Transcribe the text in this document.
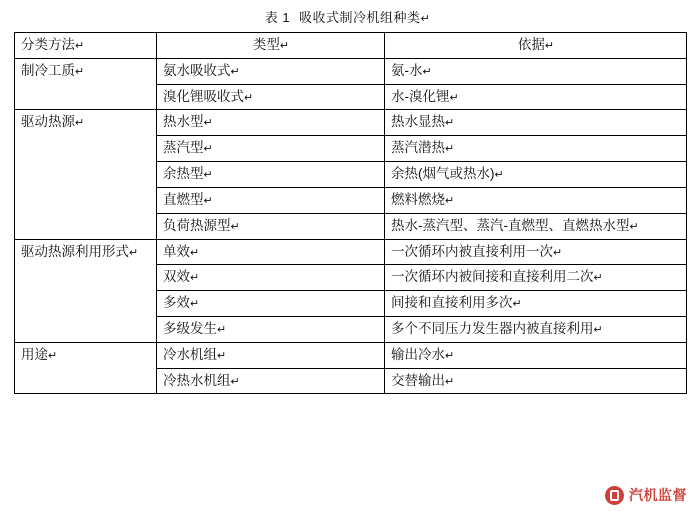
表 1 吸收式制冷机组种类↵
分类方法↵	类型↵	依据↵
制冷工质↵	氨水吸收式↵	氨-水↵
	溴化锂吸收式↵	水-溴化锂↵
驱动热源↵	热水型↵	热水显热↵
	蒸汽型↵	蒸汽潜热↵
	余热型↵	余热(烟气或热水)↵
	直燃型↵	燃料燃烧↵
	负荷热源型↵	热水-蒸汽型、蒸汽-直燃型、直燃热水型↵
驱动热源利用形式↵	单效↵	一次循环内被直接利用一次↵
	双效↵	一次循环内被间接和直接利用二次↵
	多效↵	间接和直接利用多次↵
	多级发生↵	多个不同压力发生器内被直接利用↵
用途↵	冷水机组↵	输出冷水↵
	冷热水机组↵	交替输出↵
汽机监督
